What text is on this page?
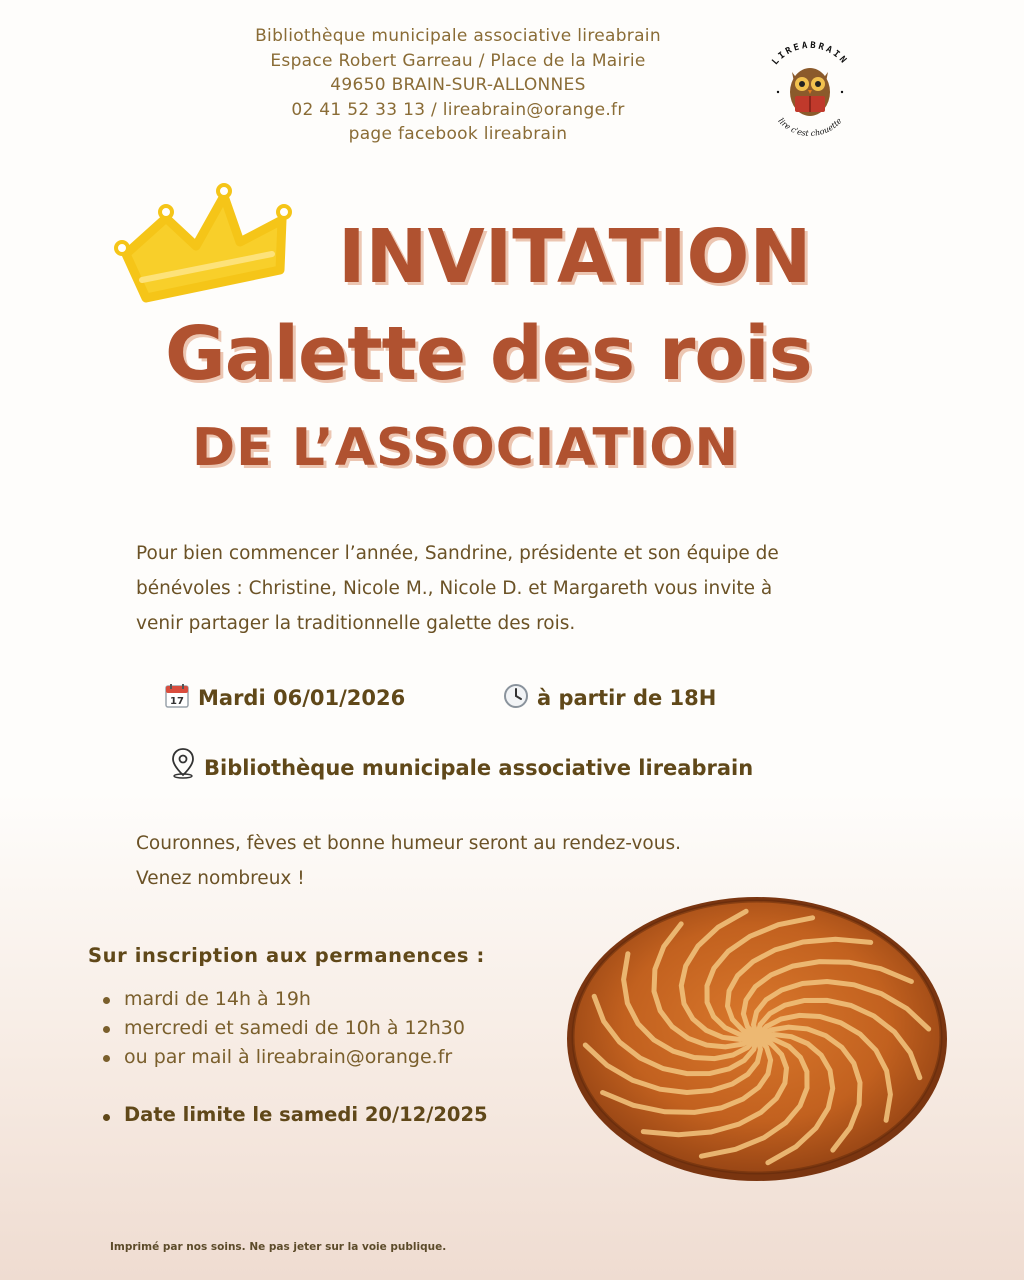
Bibliothèque municipale associative lireabrain
Espace Robert Garreau / Place de la Mairie
49650 BRAIN-SUR-ALLONNES
02 41 52 33 13 / lireabrain@orange.fr
page facebook lireabrain
LIREABRAIN
lire c'est chouette
INVITATION
Galette des rois
DE L’ASSOCIATION
Pour bien commencer l’année, Sandrine, présidente et son équipe de
bénévoles : Christine, Nicole M., Nicole D. et Margareth vous invite à
venir partager la traditionnelle galette des rois.
17 Mardi 06/01/2026	à partir de 18H
Bibliothèque municipale associative lireabrain
Couronnes, fèves et bonne humeur seront au rendez-vous.
Venez nombreux !
Sur inscription aux permanences :
mardi de 14h à 19h
mercredi et samedi de 10h à 12h30
ou par mail à lireabrain@orange.fr
Date limite le samedi 20/12/2025
Imprimé par nos soins. Ne pas jeter sur la voie publique.
